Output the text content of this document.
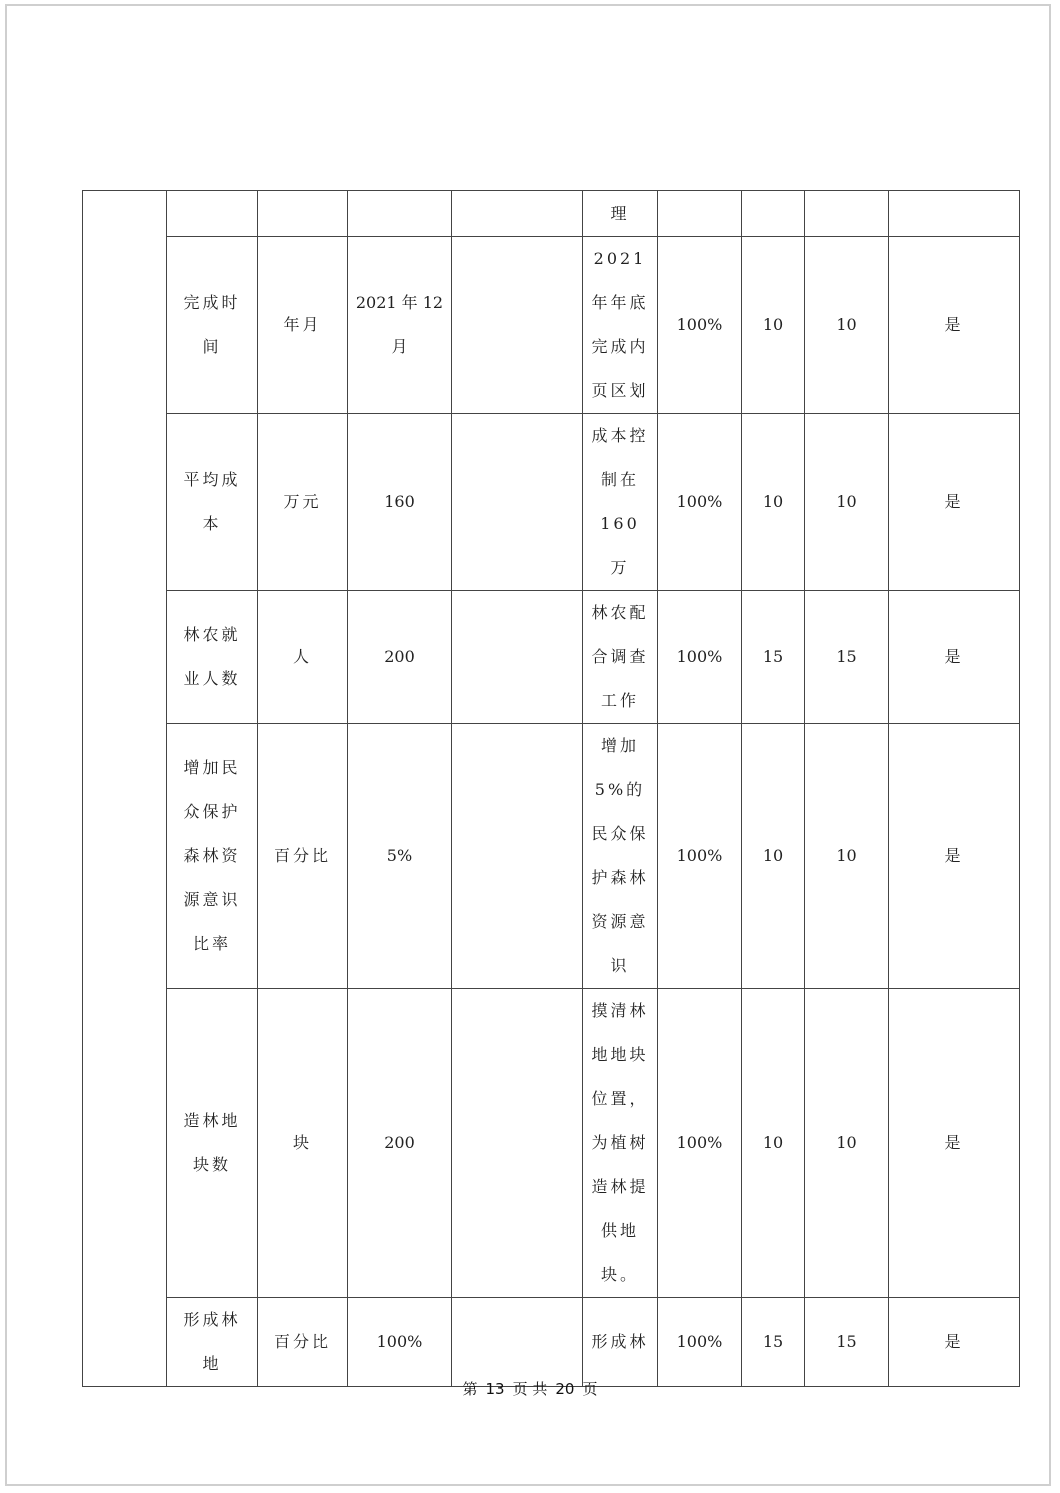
					理				

	完成时间	年月	2021 年 12 月		2021 年年底完成内页区划	100%	10	10	是

	平均成本	万元	160		成本控制在 160 万	100%	10	10	是

	林农就业人数	人	200		林农配合调查工作	100%	15	15	是

	增加民众保护森林资源意识比率	百分比	5%		增加5%的民众保护森林资源意识	100%	10	10	是

	造林地块数	块	200		摸清林地地块位置，为植树造林提供地块。	100%	10	10	是

	形成林地	百分比	100%		形成林	100%	15	15	是
第 13 页 共 20 页
